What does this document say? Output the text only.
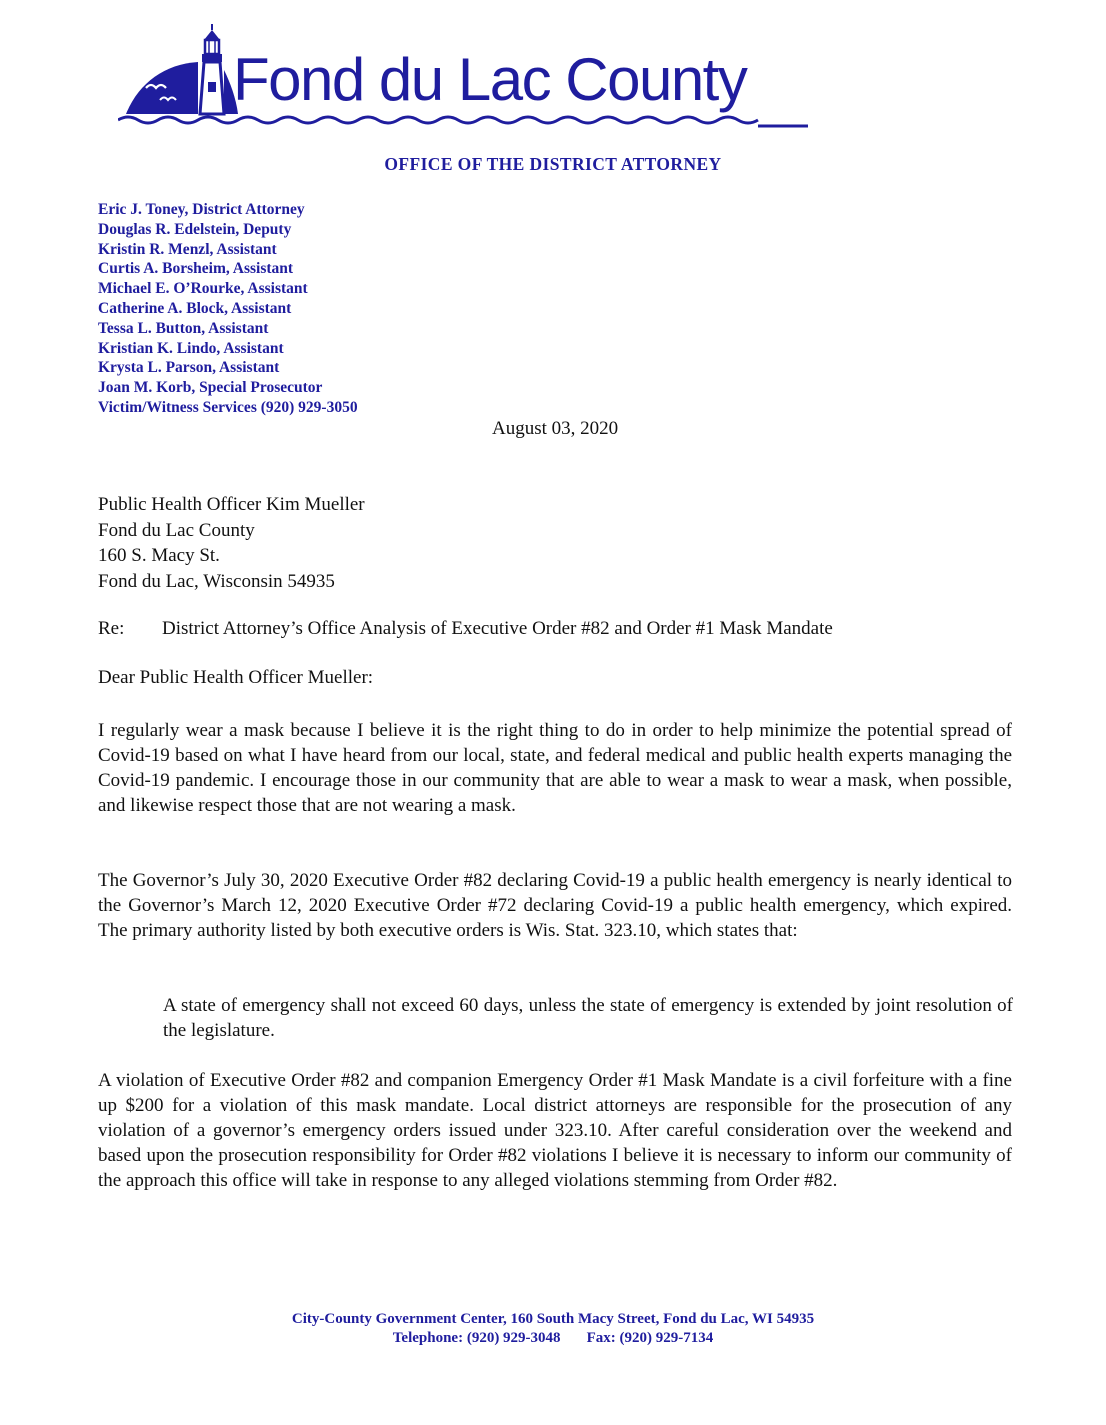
Fond du Lac County
OFFICE OF THE DISTRICT ATTORNEY
Eric J. Toney, District Attorney
Douglas R. Edelstein, Deputy
Kristin R. Menzl, Assistant
Curtis A. Borsheim, Assistant
Michael E. O’Rourke, Assistant
Catherine A. Block, Assistant
Tessa L. Button, Assistant
Kristian K. Lindo, Assistant
Krysta L. Parson, Assistant
Joan M. Korb, Special Prosecutor
Victim/Witness Services (920) 929-3050
August 03, 2020
Public Health Officer Kim Mueller
Fond du Lac County
160 S. Macy St.
Fond du Lac, Wisconsin 54935
Re: District Attorney’s Office Analysis of Executive Order #82 and Order #1 Mask Mandate
Dear Public Health Officer Mueller:

I regularly wear a mask because I believe it is the right thing to do in order to help minimize the potential spread of Covid-19 based on what I have heard from our local, state, and federal medical and public health experts managing the Covid-19 pandemic. I encourage those in our community that are able to wear a mask to wear a mask, when possible, and likewise respect those that are not wearing a mask.

The Governor’s July 30, 2020 Executive Order #82 declaring Covid-19 a public health emergency is nearly identical to the Governor’s March 12, 2020 Executive Order #72 declaring Covid-19 a public health emergency, which expired. The primary authority listed by both executive orders is Wis. Stat. 323.10, which states that:

A state of emergency shall not exceed 60 days, unless the state of emergency is extended by joint resolution of the legislature.

A violation of Executive Order #82 and companion Emergency Order #1 Mask Mandate is a civil forfeiture with a fine up $200 for a violation of this mask mandate. Local district attorneys are responsible for the prosecution of any violation of a governor’s emergency orders issued under 323.10. After careful consideration over the weekend and based upon the prosecution responsibility for Order #82 violations I believe it is necessary to inform our community of the approach this office will take in response to any alleged violations stemming from Order #82.

City-County Government Center, 160 South Macy Street, Fond du Lac, WI 54935
Telephone: (920) 929-3048 Fax: (920) 929-7134
